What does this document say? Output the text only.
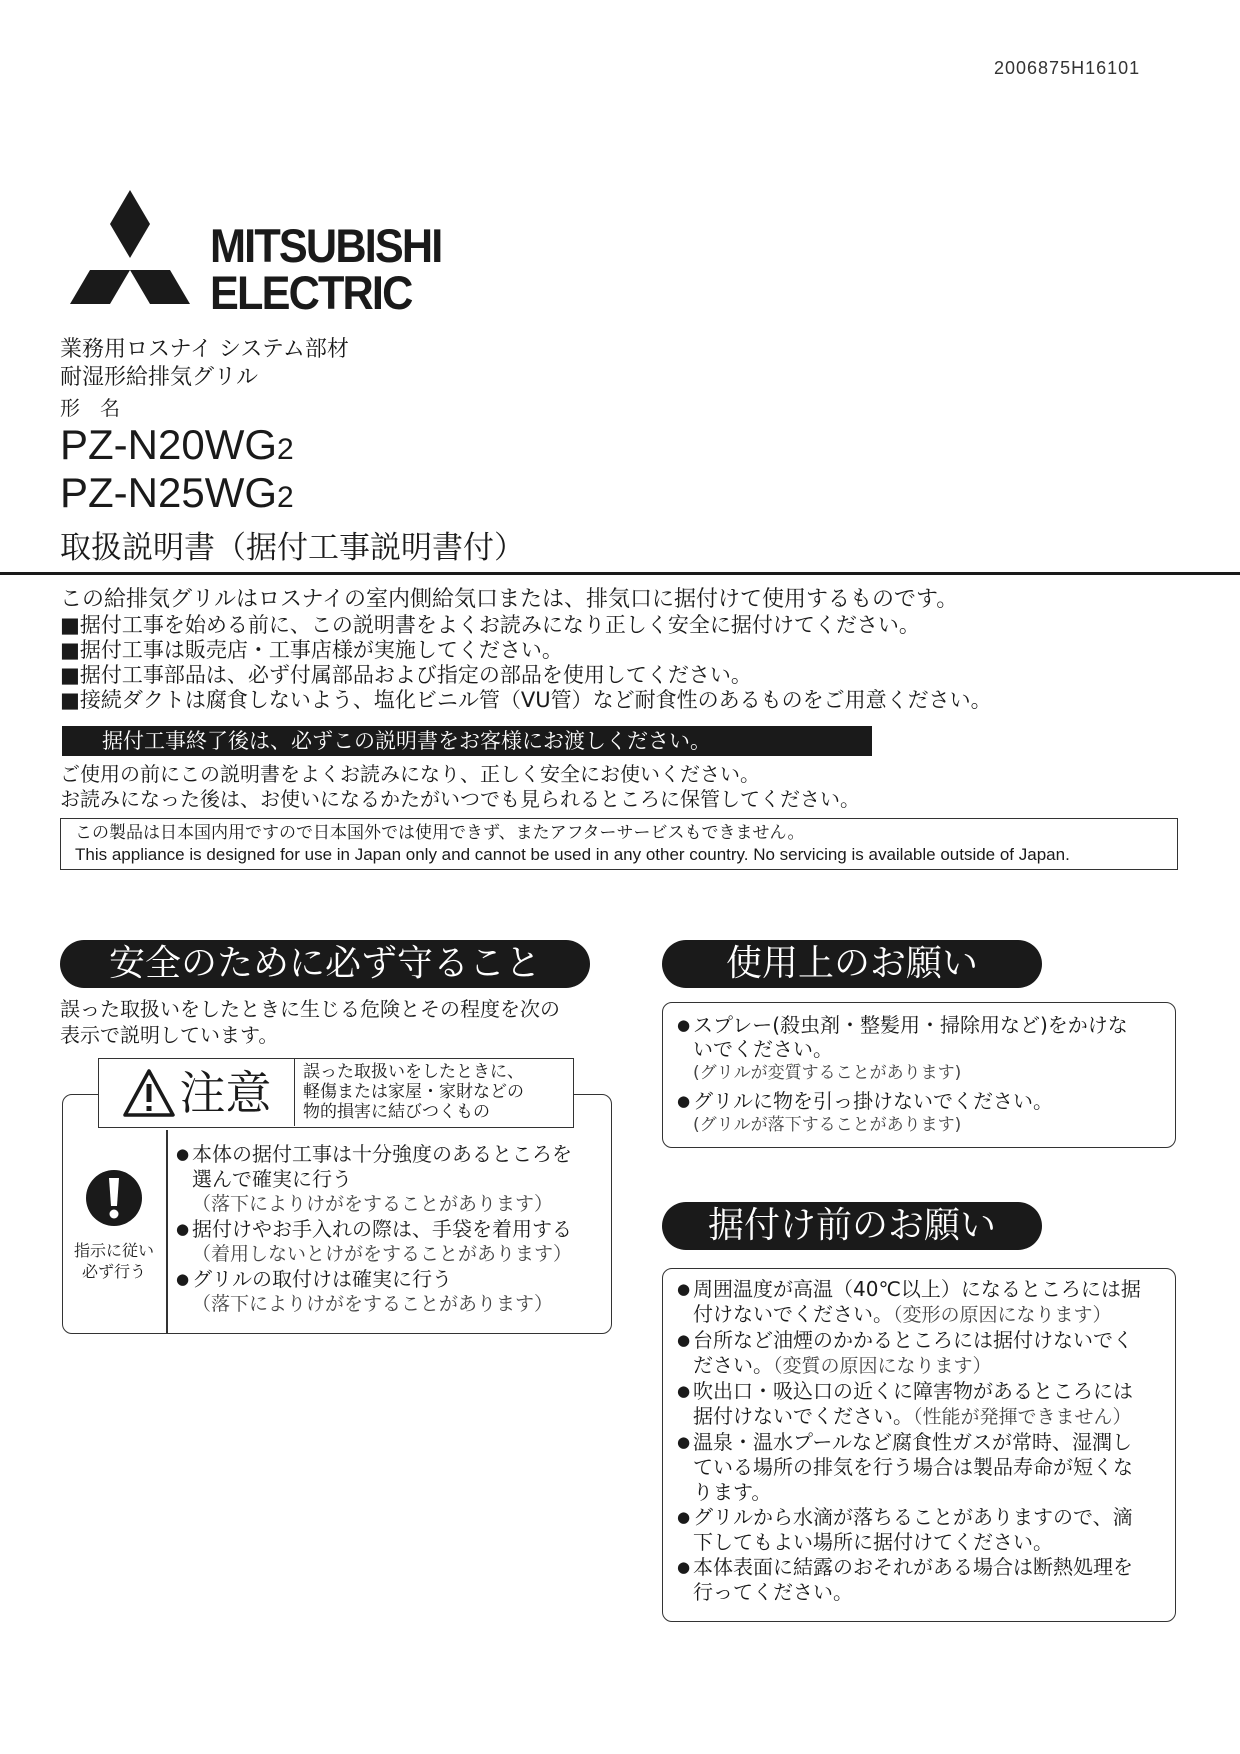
2006875H16101
MITSUBISHI
ELECTRIC
業務用ロスナイ システム部材
耐湿形給排気グリル
形　名
PZ-N20WG2
PZ-N25WG2
取扱説明書（据付工事説明書付）
この給排気グリルはロスナイの室内側給気口または、排気口に据付けて使用するものです。
■据付工事を始める前に、この説明書をよくお読みになり正しく安全に据付けてください。
■据付工事は販売店・工事店様が実施してください。
■据付工事部品は、必ず付属部品および指定の部品を使用してください。
■接続ダクトは腐食しないよう、塩化ビニル管（VU管）など耐食性のあるものをご用意ください。
据付工事終了後は、必ずこの説明書をお客様にお渡しください。
ご使用の前にこの説明書をよくお読みになり、正しく安全にお使いください。
お読みになった後は、お使いになるかたがいつでも見られるところに保管してください。
この製品は日本国内用ですので日本国外では使用できず、またアフターサービスもできません。
This appliance is designed for use in Japan only and cannot be used in any other country. No servicing is available outside of Japan.
安全のために必ず守ること
誤った取扱いをしたときに生じる危険とその程度を次の
表示で説明しています。
注意 誤った取扱いをしたときに、
軽傷または家屋・家財などの
物的損害に結びつくもの
指示に従い
必ず行う
● 本体の据付工事は十分強度のあるところを
選んで確実に行う
（落下によりけがをすることがあります）
● 据付けやお手入れの際は、手袋を着用する
（着用しないとけがをすることがあります）
● グリルの取付けは確実に行う
（落下によりけがをすることがあります）
使用上のお願い
● スプレー(殺虫剤・整髪用・掃除用など)をかけな
いでください。
(グリルが変質することがあります)
● グリルに物を引っ掛けないでください。
(グリルが落下することがあります)
据付け前のお願い
● 周囲温度が高温（40℃以上）になるところには据
付けないでください。（変形の原因になります）
● 台所など油煙のかかるところには据付けないでく
ださい。（変質の原因になります）
● 吹出口・吸込口の近くに障害物があるところには
据付けないでください。（性能が発揮できません）
● 温泉・温水プールなど腐食性ガスが常時、湿潤し
ている場所の排気を行う場合は製品寿命が短くな
ります。
● グリルから水滴が落ちることがありますので、滴
下してもよい場所に据付けてください。
● 本体表面に結露のおそれがある場合は断熱処理を
行ってください。
